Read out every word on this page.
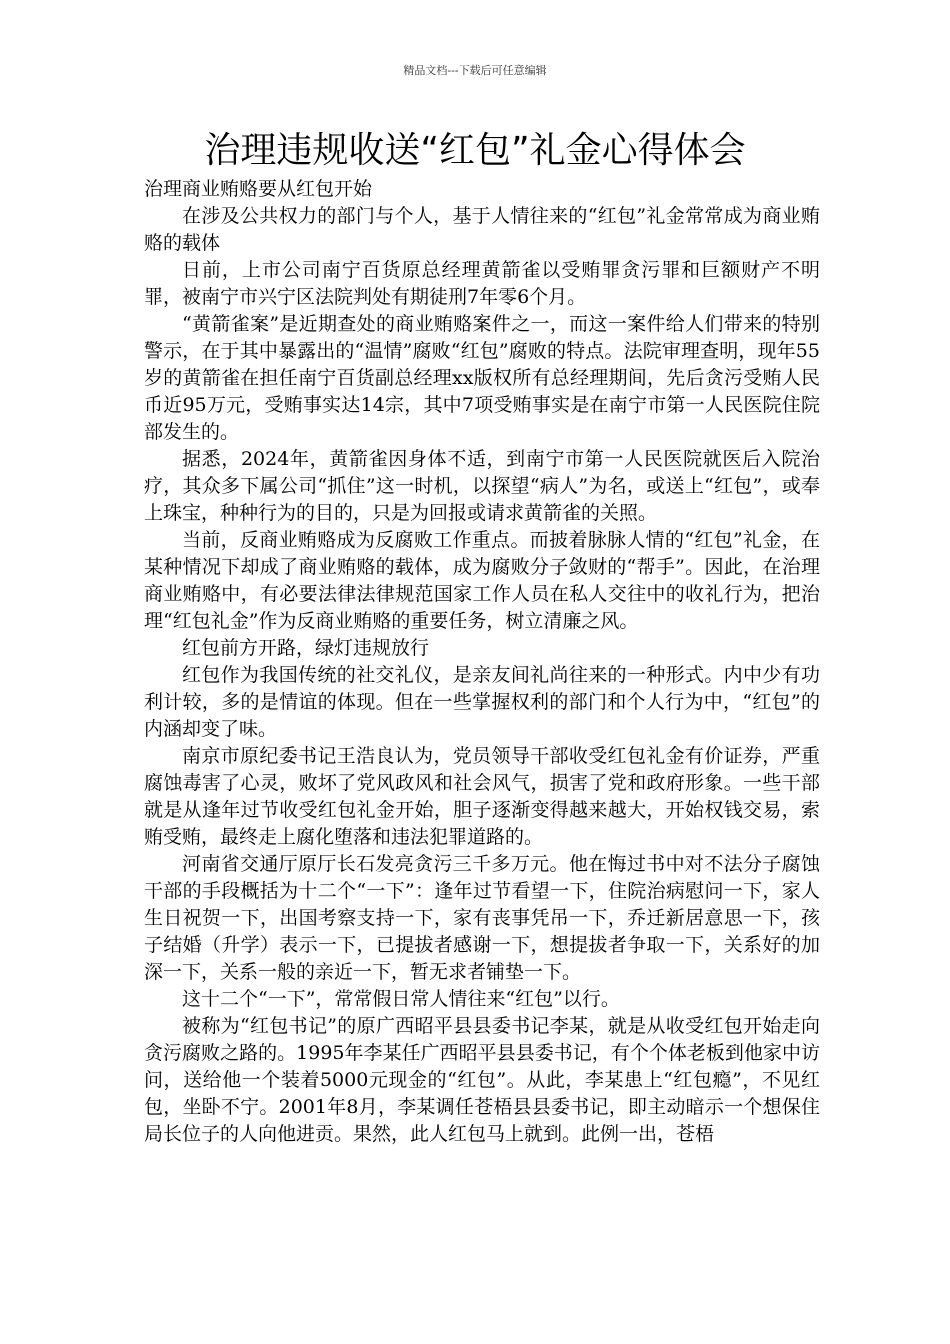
精品文档---下载后可任意编辑
治理违规收送“红包”礼金心得体会

治理商业贿赂要从红包开始

在涉及公共权力的部门与个人，基于人情往来的“红包”礼金常常成为商业贿赂的载体

日前，上市公司南宁百货原总经理黄箭雀以受贿罪贪污罪和巨额财产不明罪，被南宁市兴宁区法院判处有期徒刑7年零6个月。

“黄箭雀案”是近期查处的商业贿赂案件之一，而这一案件给人们带来的特别警示，在于其中暴露出的“温情”腐败“红包”腐败的特点。法院审理查明，现年55岁的黄箭雀在担任南宁百货副总经理xx版权所有总经理期间，先后贪污受贿人民币近95万元，受贿事实达14宗，其中7项受贿事实是在南宁市第一人民医院住院部发生的。

据悉，2024年，黄箭雀因身体不适，到南宁市第一人民医院就医后入院治疗，其众多下属公司“抓住”这一时机，以探望“病人”为名，或送上“红包”，或奉上珠宝，种种行为的目的，只是为回报或请求黄箭雀的关照。

当前，反商业贿赂成为反腐败工作重点。而披着脉脉人情的“红包”礼金，在某种情况下却成了商业贿赂的载体，成为腐败分子敛财的“帮手”。因此，在治理商业贿赂中，有必要法律法律规范国家工作人员在私人交往中的收礼行为，把治理“红包礼金”作为反商业贿赂的重要任务，树立清廉之风。

红包前方开路，绿灯违规放行

红包作为我国传统的社交礼仪，是亲友间礼尚往来的一种形式。内中少有功利计较，多的是情谊的体现。但在一些掌握权利的部门和个人行为中，“红包”的内涵却变了味。

南京市原纪委书记王浩良认为，党员领导干部收受红包礼金有价证券，严重腐蚀毒害了心灵，败坏了党风政风和社会风气，损害了党和政府形象。一些干部就是从逢年过节收受红包礼金开始，胆子逐渐变得越来越大，开始权钱交易，索贿受贿，最终走上腐化堕落和违法犯罪道路的。

河南省交通厅原厅长石发亮贪污三千多万元。他在悔过书中对不法分子腐蚀干部的手段概括为十二个“一下”：逢年过节看望一下，住院治病慰问一下，家人生日祝贺一下，出国考察支持一下，家有丧事凭吊一下，乔迁新居意思一下，孩子结婚（升学）表示一下，已提拔者感谢一下，想提拔者争取一下，关系好的加深一下，关系一般的亲近一下，暂无求者铺垫一下。

这十二个“一下”，常常假日常人情往来“红包”以行。

被称为“红包书记”的原广西昭平县县委书记李某，就是从收受红包开始走向贪污腐败之路的。1995年李某任广西昭平县县委书记，有个个体老板到他家中访问，送给他一个装着5000元现金的“红包”。从此，李某患上“红包瘾”，不见红包，坐卧不宁。2001年8月，李某调任苍梧县县委书记，即主动暗示一个想保住局长位子的人向他进贡。果然，此人红包马上就到。此例一出，苍梧
